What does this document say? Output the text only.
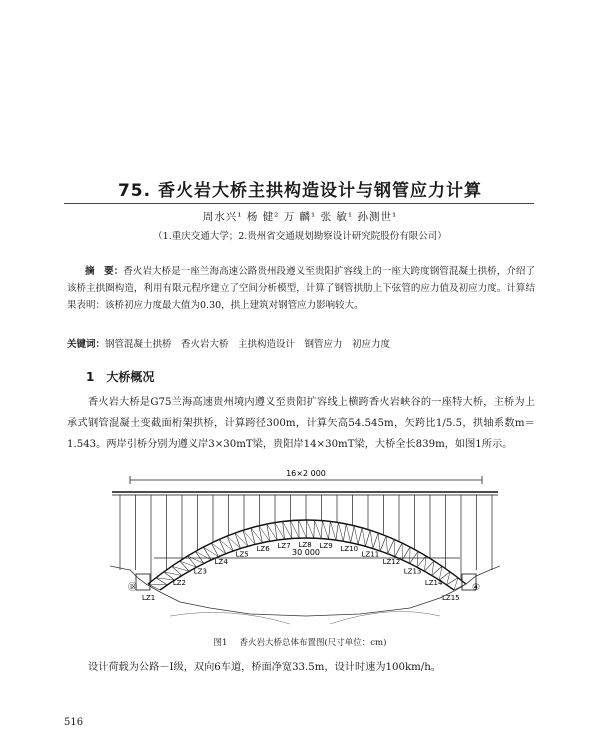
75. 香火岩大桥主拱构造设计与钢管应力计算
周水兴¹ 杨 健² 万 麟¹ 张 敏¹ 孙测世¹
（1.重庆交通大学；2.贵州省交通规划勘察设计研究院股份有限公司）
摘　要：香火岩大桥是一座兰海高速公路贵州段遵义至贵阳扩容线上的一座大跨度钢管混凝土拱桥，介绍了该桥主拱圈构造，利用有限元程序建立了空间分析模型，计算了钢管拱肋上下弦管的应力值及初应力度。计算结果表明：该桥初应力度最大值为0.30，拱上建筑对钢管应力影响较大。
关键词：钢管混凝土拱桥　香火岩大桥　主拱构造设计　钢管应力　初应力度
1 大桥概况
香火岩大桥是G75兰海高速贵州境内遵义至贵阳扩容线上横跨香火岩峡谷的一座特大桥，主桥为上承式钢管混凝土变截面桁架拱桥，计算跨径300m，计算矢高54.545m，矢跨比1/5.5，拱轴系数m＝1.543。两岸引桥分别为遵义岸3×30mT梁，贵阳岸14×30mT梁，大桥全长839m，如图1所示。
16×2 000
30 000
⑱	④
LZ1
LZ2
LZ3
LZ4
LZ5
LZ6 LZ7 LZ8 LZ9 LZ10
LZ11
LZ12
LZ13
LZ14
LZ15
图1 香火岩大桥总体布置图(尺寸单位：cm)
设计荷载为公路－Ⅰ级，双向6车道，桥面净宽33.5m，设计时速为100km/h。
516
